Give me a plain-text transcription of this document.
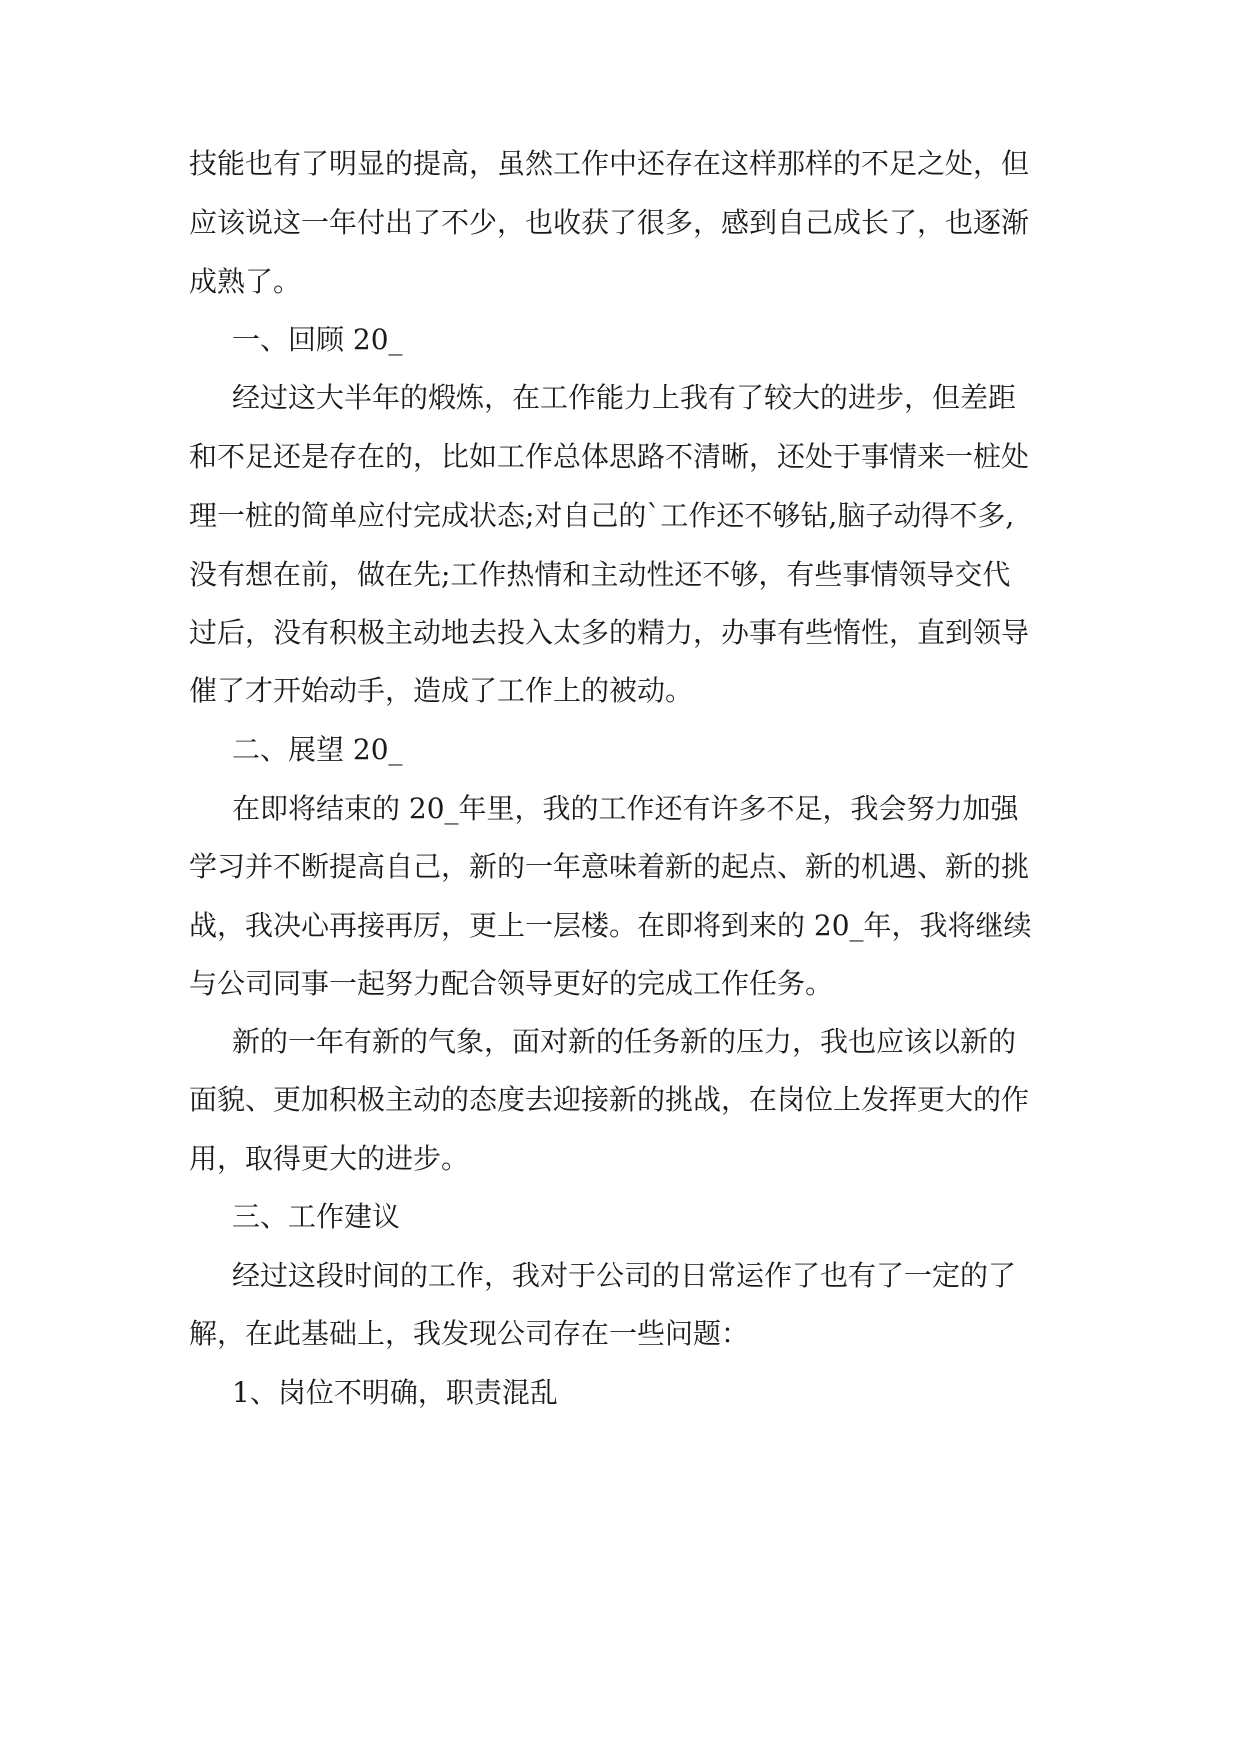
技能也有了明显的提高，虽然工作中还存在这样那样的不足之处，但

应该说这一年付出了不少，也收获了很多，感到自己成长了，也逐渐

成熟了。

一、回顾 20_

经过这大半年的煅炼，在工作能力上我有了较大的进步，但差距

和不足还是存在的，比如工作总体思路不清晰，还处于事情来一桩处

理一桩的简单应付完成状态;对自己的`工作还不够钻,脑子动得不多,

没有想在前，做在先;工作热情和主动性还不够，有些事情领导交代

过后，没有积极主动地去投入太多的精力，办事有些惰性，直到领导

催了才开始动手，造成了工作上的被动。

二、展望 20_

在即将结束的 20_年里，我的工作还有许多不足，我会努力加强

学习并不断提高自己，新的一年意味着新的起点、新的机遇、新的挑

战，我决心再接再厉，更上一层楼。在即将到来的 20_年，我将继续

与公司同事一起努力配合领导更好的完成工作任务。

新的一年有新的气象，面对新的任务新的压力，我也应该以新的

面貌、更加积极主动的态度去迎接新的挑战，在岗位上发挥更大的作

用，取得更大的进步。

三、工作建议

经过这段时间的工作，我对于公司的日常运作了也有了一定的了

解，在此基础上，我发现公司存在一些问题：

1、岗位不明确，职责混乱
